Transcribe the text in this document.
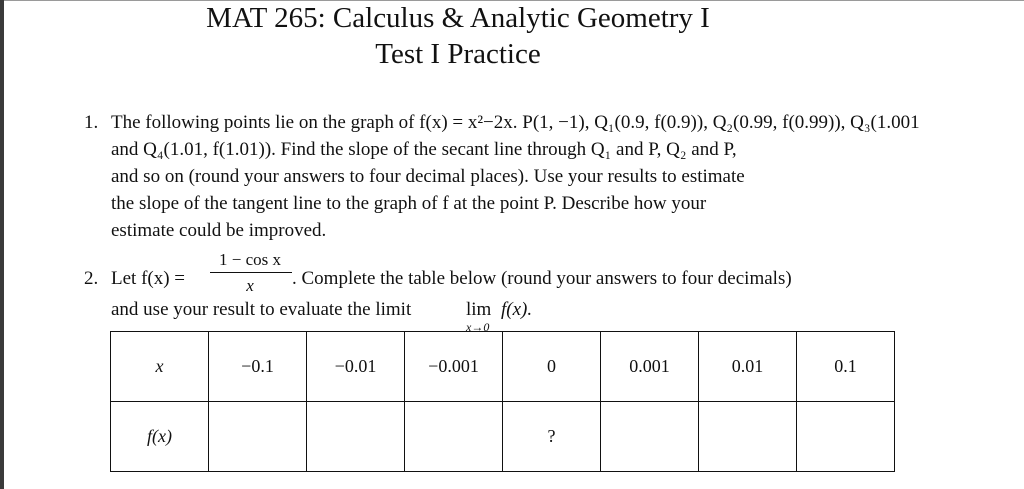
MAT 265: Calculus & Analytic Geometry I
Test I Practice
1. The following points lie on the graph of f(x) = x²−2x. P(1, −1), Q₁(0.9, f(0.9)), Q₂(0.99, f(0.99)), Q₃(1.001
and Q₄(1.01, f(1.01)). Find the slope of the secant line through Q₁ and P, Q₂ and P,
and so on (round your answers to four decimal places). Use your results to estimate
the slope of the tangent line to the graph of f at the point P. Describe how your
estimate could be improved.
2. Let f(x) =
1 − cos x
x	. Complete the table below (round your answers to four decimals)
and use your result to evaluate the limit	lim
x→0
f(x).
x	−0.1	−0.01	−0.001	0	0.001	0.01	0.1
f(x)				?			
